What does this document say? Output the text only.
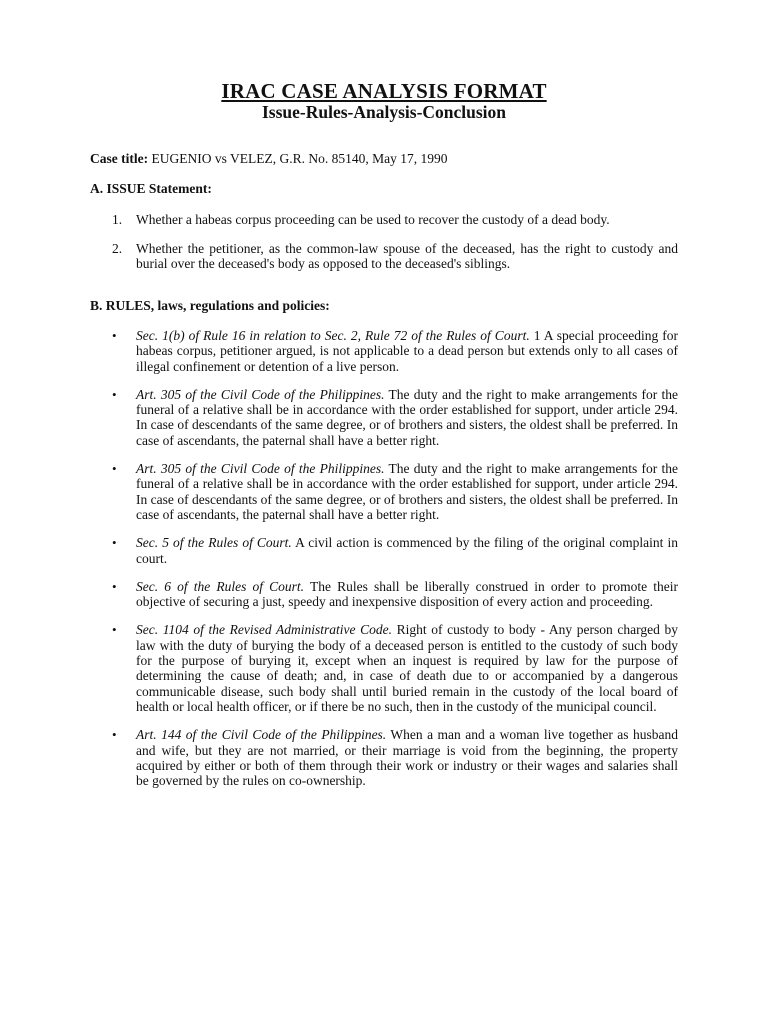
IRAC CASE ANALYSIS FORMAT
Issue-Rules-Analysis-Conclusion
Case title: EUGENIO vs VELEZ, G.R. No. 85140, May 17, 1990
A. ISSUE Statement:
1. Whether a habeas corpus proceeding can be used to recover the custody of a dead body.
2. Whether the petitioner, as the common-law spouse of the deceased, has the right to custody and burial over the deceased's body as opposed to the deceased's siblings.
B. RULES, laws, regulations and policies:
• Sec. 1(b) of Rule 16 in relation to Sec. 2, Rule 72 of the Rules of Court. 1 A special proceeding for habeas corpus, petitioner argued, is not applicable to a dead person but extends only to all cases of illegal confinement or detention of a live person.
• Art. 305 of the Civil Code of the Philippines. The duty and the right to make arrangements for the funeral of a relative shall be in accordance with the order established for support, under article 294. In case of descendants of the same degree, or of brothers and sisters, the oldest shall be preferred. In case of ascendants, the paternal shall have a better right.
• Art. 305 of the Civil Code of the Philippines. The duty and the right to make arrangements for the funeral of a relative shall be in accordance with the order established for support, under article 294. In case of descendants of the same degree, or of brothers and sisters, the oldest shall be preferred. In case of ascendants, the paternal shall have a better right.
• Sec. 5 of the Rules of Court. A civil action is commenced by the filing of the original complaint in court.
• Sec. 6 of the Rules of Court. The Rules shall be liberally construed in order to promote their objective of securing a just, speedy and inexpensive disposition of every action and proceeding.
• Sec. 1104 of the Revised Administrative Code. Right of custody to body - Any person charged by law with the duty of burying the body of a deceased person is entitled to the custody of such body for the purpose of burying it, except when an inquest is required by law for the purpose of determining the cause of death; and, in case of death due to or accompanied by a dangerous communicable disease, such body shall until buried remain in the custody of the local board of health or local health officer, or if there be no such, then in the custody of the municipal council.
• Art. 144 of the Civil Code of the Philippines. When a man and a woman live together as husband and wife, but they are not married, or their marriage is void from the beginning, the property acquired by either or both of them through their work or industry or their wages and salaries shall be governed by the rules on co-ownership.
